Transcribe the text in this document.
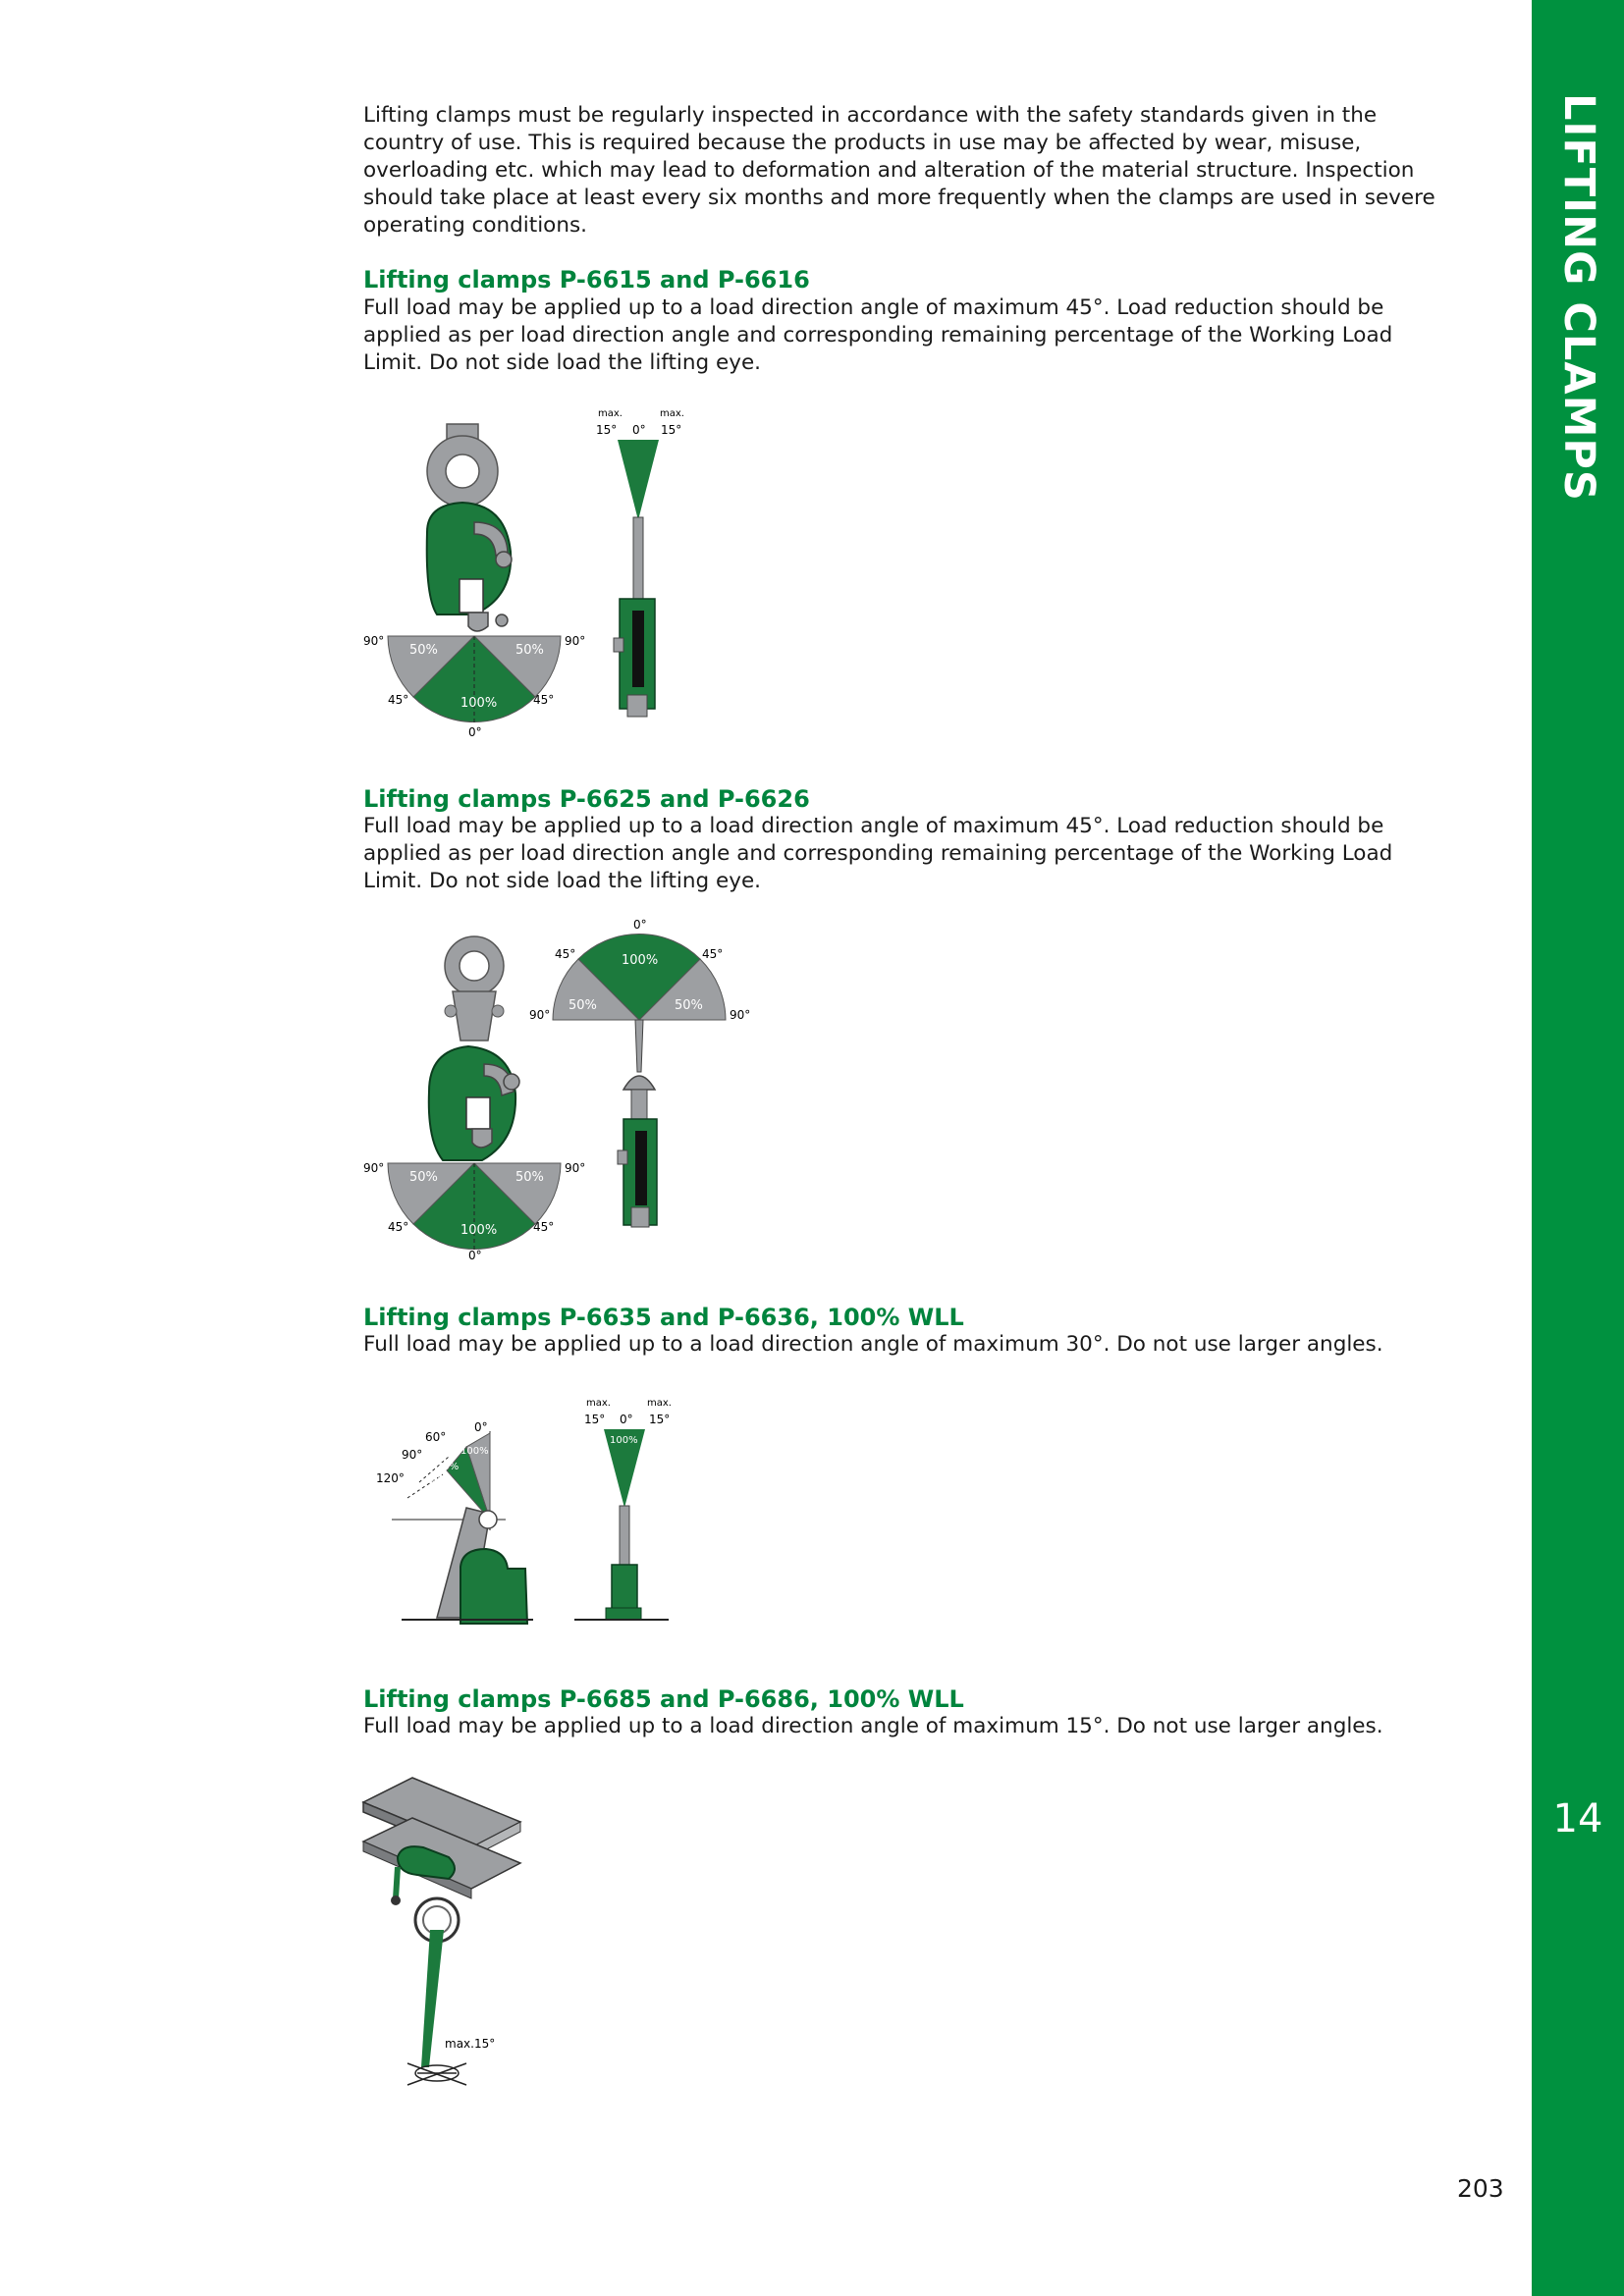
LIFTING CLAMPS
14

Lifting clamps must be regularly inspected in accordance with the safety standards given in the country of use. This is required because the products in use may be affected by wear, misuse, overloading etc. which may lead to deformation and alteration of the material structure. Inspection should take place at least every six months and more frequently when the clamps are used in severe operating conditions.

Lifting clamps P-6615 and P-6616

Full load may be applied up to a load direction angle of maximum 45°. Load reduction should be applied as per load direction angle and corresponding remaining percentage of the Working Load Limit. Do not side load the lifting eye.

50%	50%
100%
90°	90°
45°	45°
0°
max.	max.
15° 0° 15°
Lifting clamps P-6625 and P-6626

Full load may be applied up to a load direction angle of maximum 45°. Load reduction should be applied as per load direction angle and corresponding remaining percentage of the Working Load Limit. Do not side load the lifting eye.

50%	50%
100%
90°	90°
45°	45°
0°
100%
50%	50%
0°
45°	45°
90°	90°
Lifting clamps P-6635 and P-6636, 100% WLL

Full load may be applied up to a load direction angle of maximum 30°. Do not use larger angles.

100%
75%
50%
0°
60°
90°
120°
max.	max.
15° 0° 15°
100%
Lifting clamps P-6685 and P-6686, 100% WLL

Full load may be applied up to a load direction angle of maximum 15°. Do not use larger angles.

max.15°
203
